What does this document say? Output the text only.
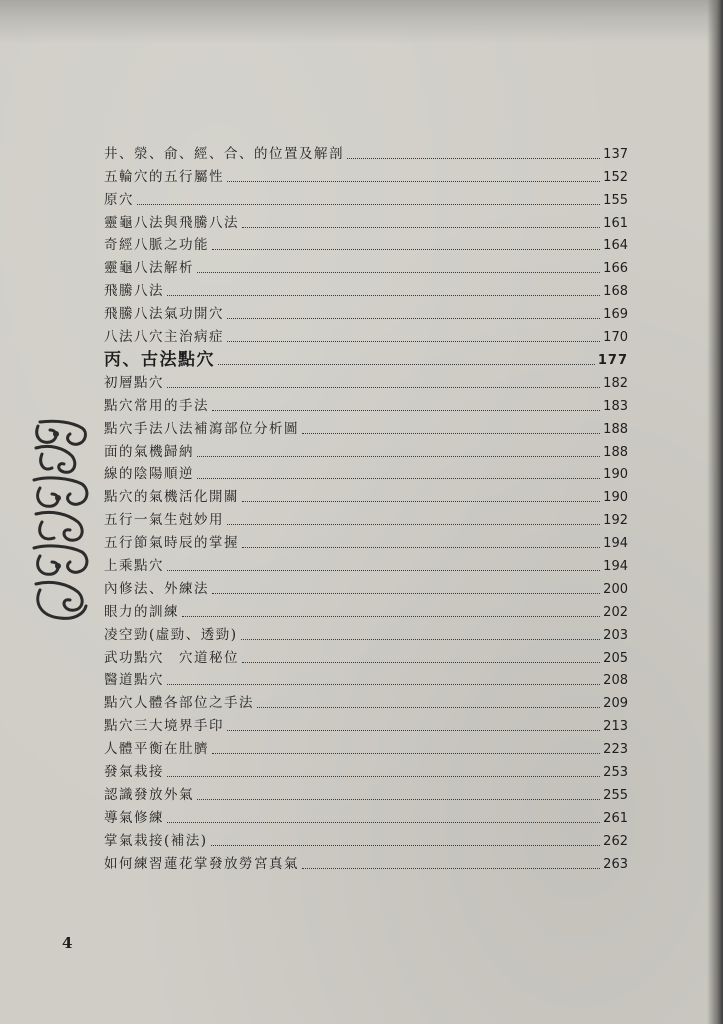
井、滎、俞、經、合、的位置及解剖	137
五輪穴的五行屬性	152
原穴	155
靈龜八法與飛騰八法	161
奇經八脈之功能	164
靈龜八法解析	166
飛騰八法	168
飛騰八法氣功開穴	169
八法八穴主治病症	170
丙、古法點穴	177
初層點穴	182
點穴常用的手法	183
點穴手法八法補瀉部位分析圖	188
面的氣機歸納	188
線的陰陽順逆	190
點穴的氣機活化開關	190
五行一氣生尅妙用	192
五行節氣時辰的掌握	194
上乘點穴	194
內修法、外練法	200
眼力的訓練	202
凌空勁(虛勁、透勁)	203
武功點穴　穴道秘位	205
醫道點穴	208
點穴人體各部位之手法	209
點穴三大境界手印	213
人體平衡在肚臍	223
發氣栽接	253
認識發放外氣	255
導氣修練	261
掌氣栽接(補法)	262
如何練習蓮花掌發放勞宮真氣	263
4
